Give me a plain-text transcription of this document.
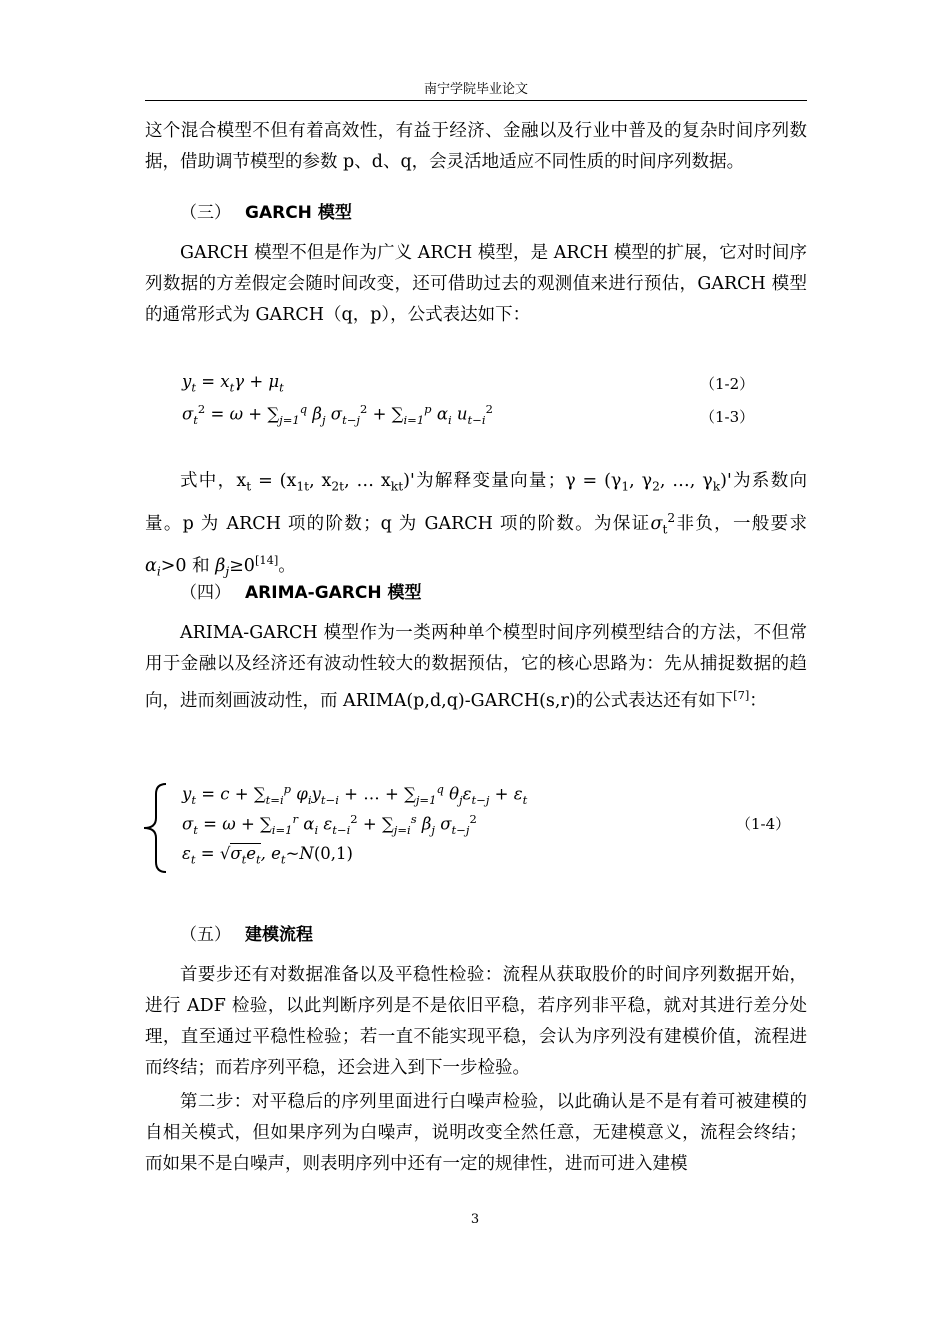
南宁学院毕业论文

这个混合模型不但有着高效性，有益于经济、金融以及行业中普及的复杂时间序列数据，借助调节模型的参数 p、d、q，会灵活地适应不同性质的时间序列数据。

（三） GARCH 模型

GARCH 模型不但是作为广义 ARCH 模型，是 ARCH 模型的扩展，它对时间序列数据的方差假定会随时间改变，还可借助过去的观测值来进行预估，GARCH 模型的通常形式为 GARCH（q，p），公式表达如下：

$y_t = x_t\gamma + \mu_t$	（1-2）
$\sigma_t^2 = \omega + \sum_{j=1}^q$ $\beta_j$ $\sigma_{t-j}^2 + \sum_{i=1}^p$ $\alpha_i$ $u_{t-i}^2$	（1-3）

式中，$x_t = (x_{1t}$, $x_{2t}$, … $x_{kt})'$为解释变量向量；$\gamma = (\gamma_1$, $\gamma_2$, …, $\gamma_k)'$为系数向量。p 为 ARCH 项的阶数；q 为 GARCH 项的阶数。为保证$\sigma_t^2$非负，一般要求$\alpha_i>0$ 和 $\beta_j\ge 0[14]$。

（四） ARIMA-GARCH 模型

ARIMA-GARCH 模型作为一类两种单个模型时间序列模型结合的方法，不但常用于金融以及经济还有波动性较大的数据预估，它的核心思路为：先从捕捉数据的趋向，进而刻画波动性，而 ARIMA(p,d,q)-GARCH(s,r)的公式表达还有如下[7]：

$y_t = c + \sum_{t=i}^p$ $\varphi_iy_{t-i}$ + … + $\sum_{j=1}^q$ $\theta_j\varepsilon_{t-j} + \varepsilon_t$
$\sigma_t = \omega + \sum_{i=1}^r$ $\alpha_i$ $\varepsilon_{t-i}^2 + \sum_{j=i}^s$ $\beta_j$ $\sigma_{t-j}^2$
$\varepsilon_t = √\sigma_te_t$, $e_t\sim N(0,1)$
（1-4）
（五） 建模流程

首要步还有对数据准备以及平稳性检验：流程从获取股价的时间序列数据开始，进行 ADF 检验，以此判断序列是不是依旧平稳，若序列非平稳，就对其进行差分处理，直至通过平稳性检验；若一直不能实现平稳，会认为序列没有建模价值，流程进而终结；而若序列平稳，还会进入到下一步检验。

第二步：对平稳后的序列里面进行白噪声检验，以此确认是不是有着可被建模的自相关模式，但如果序列为白噪声，说明改变全然任意，无建模意义，流程会终结；而如果不是白噪声，则表明序列中还有一定的规律性，进而可进入建模

3
